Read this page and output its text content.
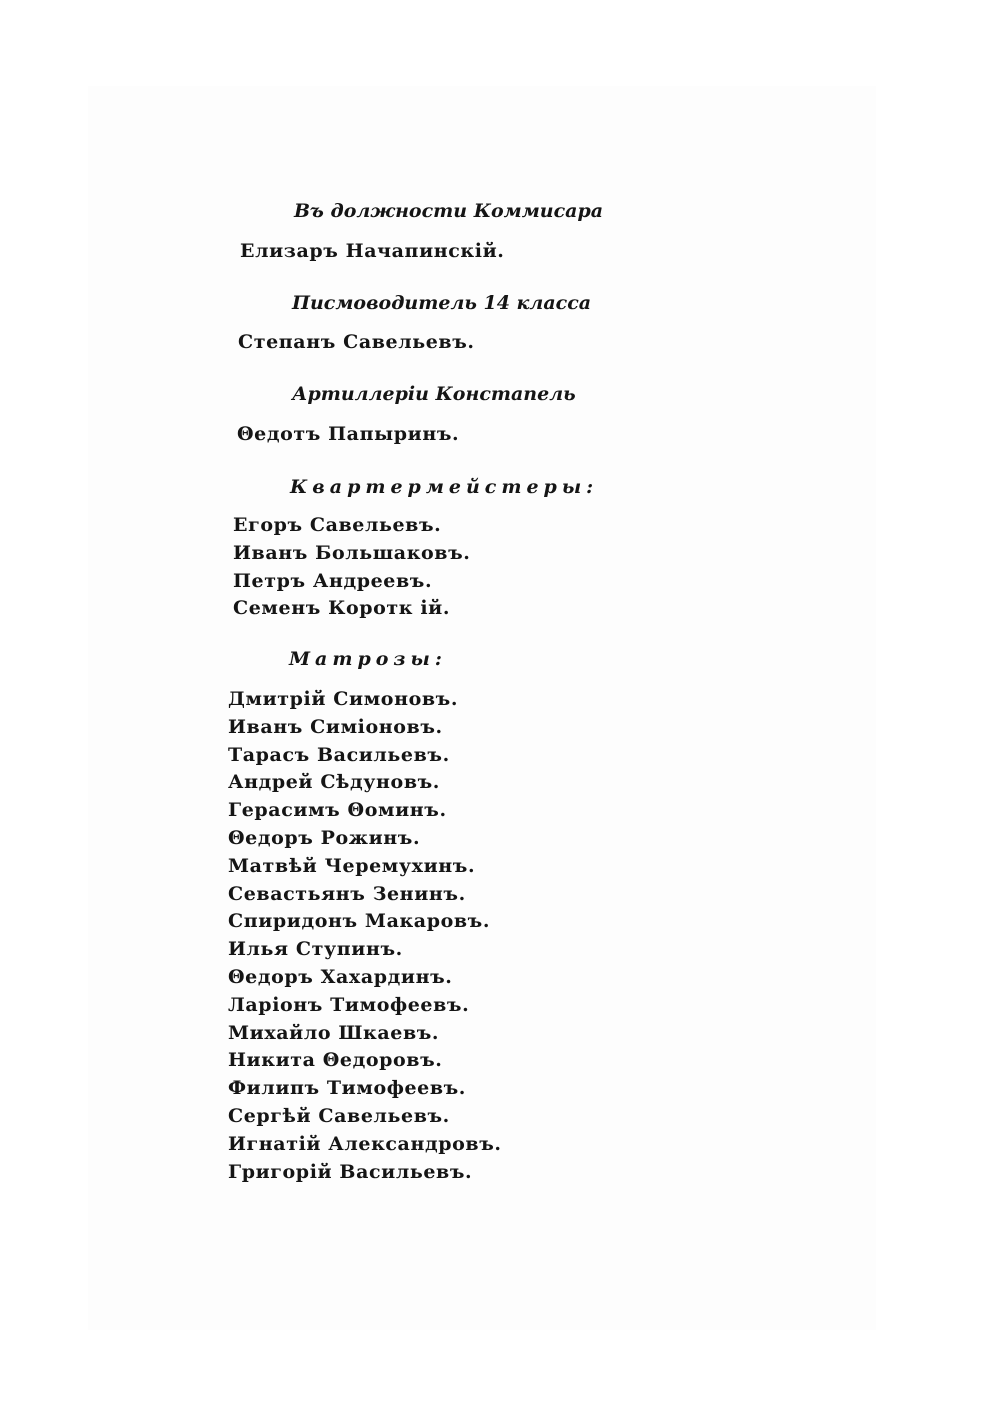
Въ должности Коммисара
Елизаръ Начапинскій.
Писмоводитель 14 класса
Степанъ Савельевъ.
Артиллеріи Констапель
Θедотъ Папыринъ.
Квартермейстеры:
Егоръ Савельевъ.
Иванъ Большаковъ.
Петръ Андреевъ.
Семенъ Коротк ій.
Матрозы:
Дмитрій Симоновъ.
Иванъ Симіоновъ.
Тарасъ Васильевъ.
Андрей Сѣдуновъ.
Герасимъ Θоминъ.
Θедоръ Рожинъ.
Матвѣй Черемухинъ.
Севастьянъ Зенинъ.
Спиридонъ Макаровъ.
Илья Ступинъ.
Θедоръ Хахардинъ.
Ларіонъ Тимофеевъ.
Михайло Шкаевъ.
Никита Θедоровъ.
Филипъ Тимофеевъ.
Сергѣй Савельевъ.
Игнатій Александровъ.
Григорій Васильевъ.
